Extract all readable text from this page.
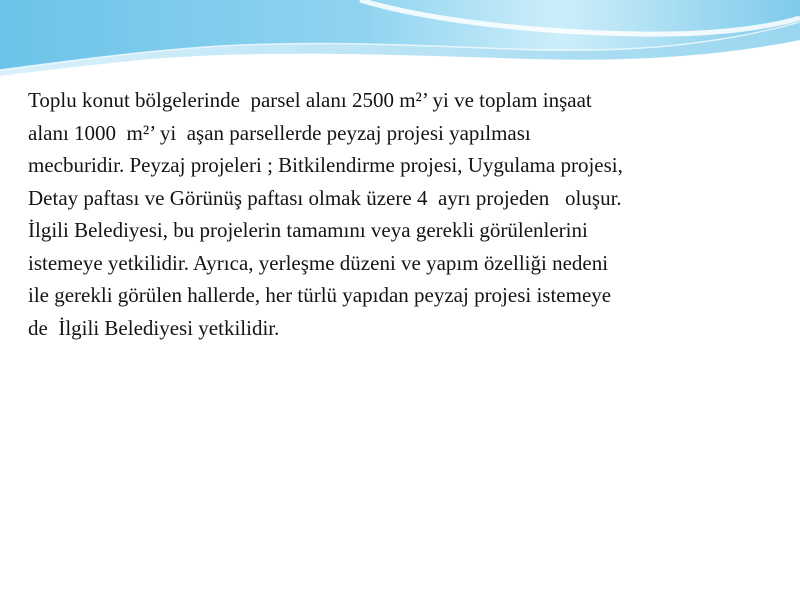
Toplu konut bölgelerinde  parsel alanı 2500 m²’ yi ve toplam inşaat
alanı 1000  m²’ yi  aşan parsellerde peyzaj projesi yapılması
mecburidir. Peyzaj projeleri ; Bitkilendirme projesi, Uygulama projesi,
Detay paftası ve Görünüş paftası olmak üzere 4  ayrı projeden   oluşur.
İlgili Belediyesi, bu projelerin tamamını veya gerekli görülenlerini
istemeye yetkilidir. Ayrıca, yerleşme düzeni ve yapım özelliği nedeni
ile gerekli görülen hallerde, her türlü yapıdan peyzaj projesi istemeye
de  İlgili Belediyesi yetkilidir.
